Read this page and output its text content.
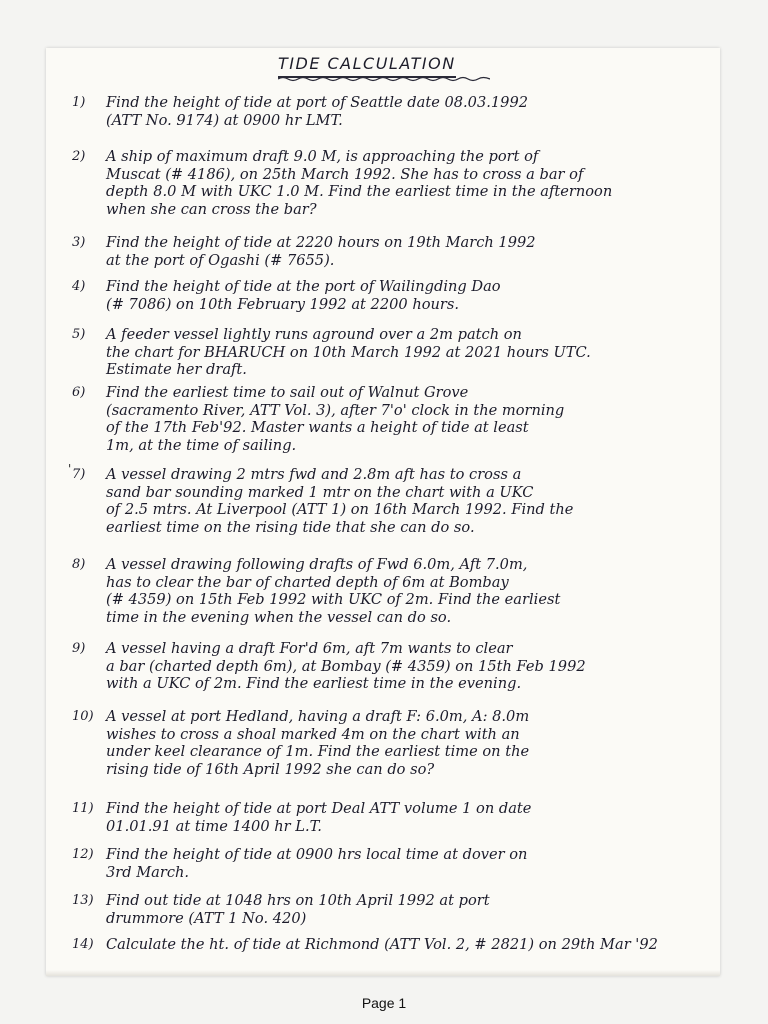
TIDE CALCULATION
1)	Find the height of tide at port of Seattle date 08.03.1992
(ATT No. 9174) at 0900 hr LMT.
2)	A ship of maximum draft 9.0 M, is approaching the port of
Muscat (# 4186), on 25th March 1992. She has to cross a bar of
depth 8.0 M with UKC 1.0 M. Find the earliest time in the afternoon
when she can cross the bar?
3)	Find the height of tide at 2220 hours on 19th March 1992
at the port of Ogashi (# 7655).
4)	Find the height of tide at the port of Wailingding Dao
(# 7086) on 10th February 1992 at 2200 hours.
5)	A feeder vessel lightly runs aground over a 2m patch on
the chart for BHARUCH on 10th March 1992 at 2021 hours UTC.
Estimate her draft.
6)	Find the earliest time to sail out of Walnut Grove
(sacramento River, ATT Vol. 3), after 7'o' clock in the morning
of the 17th Feb'92. Master wants a height of tide at least
1m, at the time of sailing.
' 7)	A vessel drawing 2 mtrs fwd and 2.8m aft has to cross a
sand bar sounding marked 1 mtr on the chart with a UKC
of 2.5 mtrs. At Liverpool (ATT 1) on 16th March 1992. Find the
earliest time on the rising tide that she can do so.
8)	A vessel drawing following drafts of Fwd 6.0m, Aft 7.0m,
has to clear the bar of charted depth of 6m at Bombay
(# 4359) on 15th Feb 1992 with UKC of 2m. Find the earliest
time in the evening when the vessel can do so.
9)	A vessel having a draft For'd 6m, aft 7m wants to clear
a bar (charted depth 6m), at Bombay (# 4359) on 15th Feb 1992
with a UKC of 2m. Find the earliest time in the evening.
10) A vessel at port Hedland, having a draft F: 6.0m, A: 8.0m
wishes to cross a shoal marked 4m on the chart with an
under keel clearance of 1m. Find the earliest time on the
rising tide of 16th April 1992 she can do so?
11) Find the height of tide at port Deal ATT volume 1 on date
01.01.91 at time 1400 hr L.T.
12) Find the height of tide at 0900 hrs local time at dover on
3rd March.
13) Find out tide at 1048 hrs on 10th April 1992 at port
drummore (ATT 1 No. 420)
14) Calculate the ht. of tide at Richmond (ATT Vol. 2, # 2821) on 29th Mar '92
Page 1
